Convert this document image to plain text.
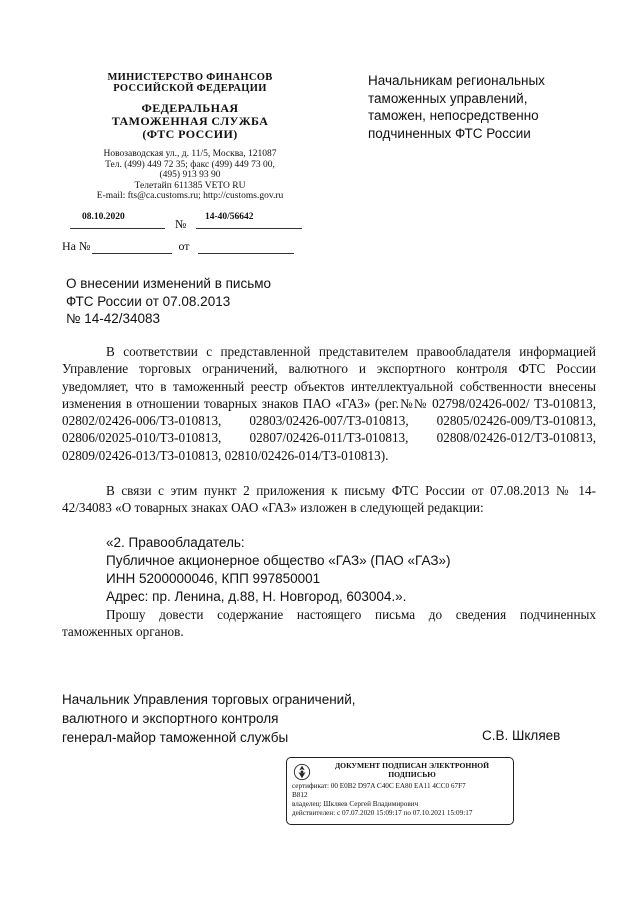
МИНИСТЕРСТВО ФИНАНСОВ
РОССИЙСКОЙ ФЕДЕРАЦИИ
ФЕДЕРАЛЬНАЯ
ТАМОЖЕННАЯ СЛУЖБА
(ФТС РОССИИ)
Новозаводская ул., д. 11/5, Москва, 121087
Тел. (499) 449 72 35; факс (499) 449 73 00,
(495) 913 93 90
Телетайп 611385 VETO RU
E-mail: fts@ca.customs.ru; http://customs.gov.ru
08.10.2020	№ 14-40/56642
На №	от
Начальникам региональных
таможенных управлений,
таможен, непосредственно
подчиненных ФТС России
О внесении изменений в письмо
ФТС России от 07.08.2013
№ 14-42/34083
В соответствии с представленной представителем правообладателя информацией Управление торговых ограничений, валютного и экспортного контроля ФТС России уведомляет, что в таможенный реестр объектов интеллектуальной собственности внесены изменения в отношении товарных знаков ПАО «ГАЗ» (рег.№№ 02798/02426-002/ ТЗ-010813, 02802/02426-006/ТЗ-010813, 02803/02426-007/ТЗ-010813, 02805/02426-009/ТЗ-010813, 02806/02025-010/ТЗ-010813, 02807/02426-011/ТЗ-010813, 02808/02426-012/ТЗ-010813, 02809/02426-013/ТЗ-010813, 02810/02426-014/ТЗ-010813).
В связи с этим пункт 2 приложения к письму ФТС России от 07.08.2013 № 14-42/34083 «О товарных знаках ОАО «ГАЗ» изложен в следующей редакции:
«2. Правообладатель:
Публичное акционерное общество «ГАЗ» (ПАО «ГАЗ»)
ИНН 5200000046, КПП 997850001
Адрес: пр. Ленина, д.88, Н. Новгород, 603004.».
Прошу довести содержание настоящего письма до сведения подчиненных таможенных органов.
Начальник Управления торговых ограничений,
валютного и экспортного контроля
генерал-майор таможенной службы	С.В. Шкляев
ДОКУМЕНТ ПОДПИСАН ЭЛЕКТРОННОЙ
ПОДПИСЬЮ
сертификат: 00 E0B2 D97A C40C EA80 EA11 4CC0 67F7
B812
владелец: Шкляев Сергей Владимирович
действителен: с 07.07.2020 15:09:17 по 07.10.2021 15:09:17
